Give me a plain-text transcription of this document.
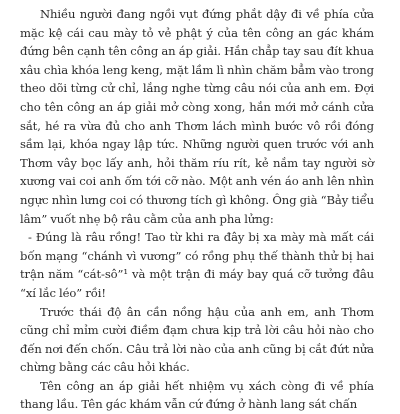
Nhiều người đang ngồi vụt đứng phắt dậy đi về phía cửa mặc kệ cái cau mày tỏ vẻ phật ý của tên công an gác khám đứng bên cạnh tên công an áp giải. Hắn chẳp tay sau đít khua xâu chìa khóa leng keng, mặt lầm lì nhìn chăm bẳm vào trong theo dõi từng cử chỉ, lắng nghe từng câu nói của anh em. Đợi cho tên công an áp giải mở còng xong, hắn mới mở cánh cửa sắt, hé ra vừa đủ cho anh Thơm lách mình bước vô rồi đóng sầm lại, khóa ngay lập tức. Những người quen trước với anh Thơm vây bọc lấy anh, hỏi thăm ríu rít, kẻ nắm tay người sờ xương vai coi anh ốm tới cỡ nào. Một anh vén áo anh lên nhìn ngực nhìn lưng coi có thương tích gì không. Ông già “Bảy tiểu lâm” vuốt nhẹ bộ râu cằm của anh pha lửng:

- Đúng là râu rồng! Tao từ khi ra đây bị xa mày mà mất cái bốn mạng “chánh vì vương” có rồng phụ thế thành thử bị hai trận năm “cát-sô”¹ và một trận đi máy bay quá cỡ tưởng đâu “xí lắc léo” rồi!

Trước thái độ ân cần nồng hậu của anh em, anh Thơm cũng chỉ mỉm cười điềm đạm chưa kịp trả lời câu hỏi nào cho đến nơi đến chốn. Câu trả lời nào của anh cũng bị cắt đứt nửa chừng bằng các câu hỏi khác.

Tên công an áp giải hết nhiệm vụ xách còng đi về phía thang lầu. Tên gác khám vẫn cứ đứng ở hành lang sát chấn
